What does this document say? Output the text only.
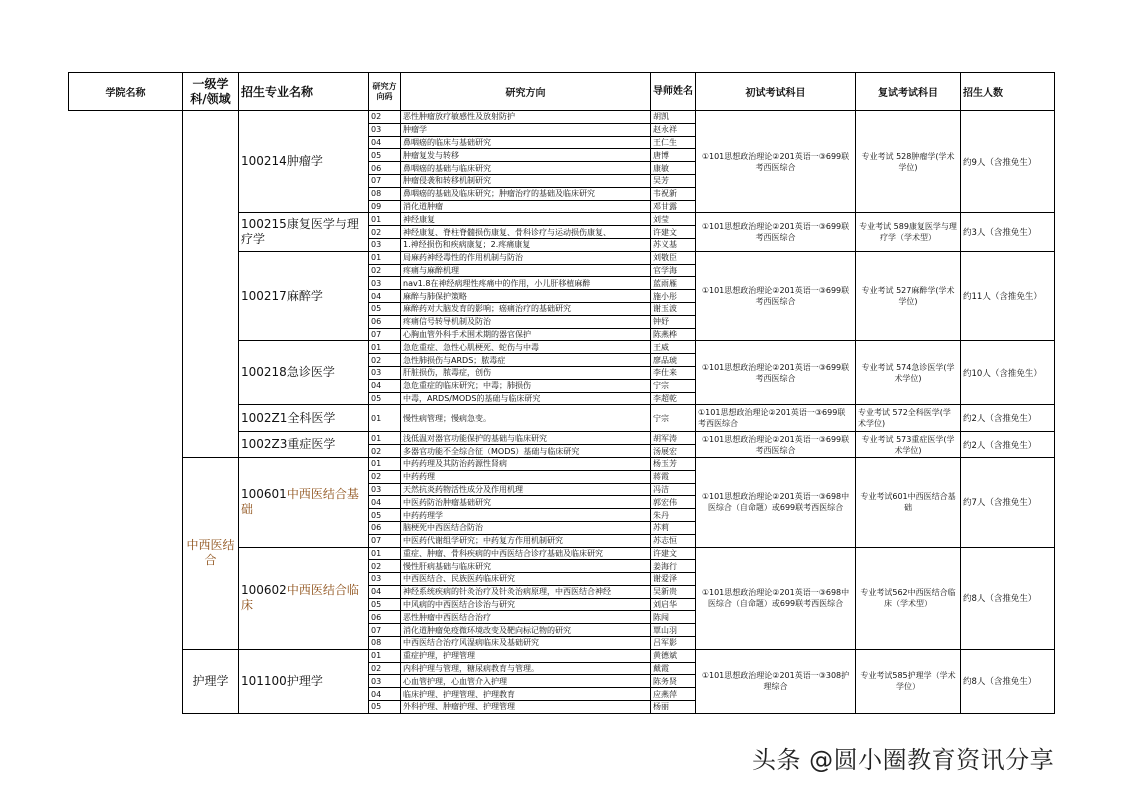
学院名称	一级学科/领域	招生专业名称	研究方向码	研究方向	导师姓名	初试考试科目	复试考试科目	招生人数
		100214肿瘤学	02	恶性肿瘤放疗敏感性及放射防护	胡凯	①101思想政治理论②201英语一③699联考西医综合	专业考试 528肿瘤学(学术学位)	约9人（含推免生）
			03	肿瘤学	赵永祥			
			04	鼻咽癌的临床与基础研究	王仁生			
			05	肿瘤复发与转移	唐博			
			06	鼻咽癌的基础与临床研究	康敏			
			07	肿瘤侵袭和转移机制研究	吴芳			
			08	鼻咽癌的基础及临床研究；肿瘤治疗的基础及临床研究	韦祝新			
			09	消化道肿瘤	邓甘露			
		100215康复医学与理疗学	01	神经康复	刘莹	①101思想政治理论②201英语一③699联考西医综合	专业考试 589康复医学与理疗学（学术型）	约3人（含推免生）
			02	神经康复、脊柱脊髓损伤康复、骨科诊疗与运动损伤康复、	许建文			
			03	1.神经损伤和疾病康复；2.疼痛康复	苏义基			
		100217麻醉学	01	局麻药神经毒性的作用机制与防治	刘敬臣	①101思想政治理论②201英语一③699联考西医综合	专业考试 527麻醉学(学术学位)	约11人（含推免生）
			02	疼痛与麻醉机理	官学海			
			03	nav1.8在神经病理性疼痛中的作用，小儿肝移植麻醉	蓝雨雁			
			04	麻醉与肺保护策略	施小彤			
			05	麻醉药对大脑发育的影响；癌痛治疗的基础研究	谢玉波			
			06	疼痛信号转导机制及防治	钟妤			
			07	心胸血管外科手术围术期的器官保护	陈燕桦			
		100218急诊医学	01	急危重症、急性心肌梗死、蛇伤与中毒	王威	①101思想政治理论②201英语一③699联考西医综合	专业考试 574急诊医学(学术学位)	约10人（含推免生）
			02	急性肺损伤与ARDS；脓毒症	廖品琥			
			03	肝脏损伤，脓毒症，创伤	李仕来			
			04	急危重症的临床研究；中毒；肺损伤	宁宗			
			05	中毒，ARDS/MODS的基础与临床研究	李超乾			
		1002Z1全科医学	01	慢性病管理；慢病急变。	宁宗	①101思想政治理论②201英语一③699联考西医综合	专业考试 572全科医学(学术学位)	约2人（含推免生）
		1002Z3重症医学	01	浅低温对器官功能保护的基础与临床研究	胡军涛	①101思想政治理论②201英语一③699联考西医综合	专业考试 573重症医学(学术学位)	约2人（含推免生）
			02	多器官功能不全综合征（MODS）基础与临床研究	汤展宏			
	中西医结合	100601中西医结合基础	01	中药药理及其防治药源性肾病	杨玉芳	①101思想政治理论②201英语一③698中医综合（自命题）或699联考西医综合	专业考试601中西医结合基础	约7人（含推免生）
			02	中药药理	蒋霞			
			03	天然抗炎药物活性成分及作用机理	冯洁			
			04	中医药防治肿瘤基础研究	郭宏伟			
			05	中药药理学	朱丹			
			06	脑梗死中西医结合防治	苏莉			
			07	中医药代谢组学研究；中药复方作用机制研究	苏志恒			
		100602中西医结合临床	01	重症、肿瘤、骨科疾病的中西医结合诊疗基础及临床研究	许建文	①101思想政治理论②201英语一③698中医综合（自命题）或699联考西医综合	专业考试562中西医结合临床（学术型）	约8人（含推免生）
			02	慢性肝病基础与临床研究	姜海行			
			03	中西医结合、民族医药临床研究	谢爱泽			
			04	神经系统疾病的针灸治疗及针灸治病原理，中西医结合神经	吴新贵			
			05	中风病的中西医结合诊治与研究	刘启华			
			06	恶性肿瘤中西医结合治疗	陈闯			
			07	消化道肿瘤免疫微环境改变及靶向标记物的研究	覃山羽			
			08	中西医结合治疗风湿病临床及基础研究	吕军影			
	护理学	101100护理学	01	重症护理，护理管理	黄德斌	①101思想政治理论②201英语一③308护理综合	专业考试585护理学（学术学位）	约8人（含推免生）
			02	内科护理与管理，糖尿病教育与管理。	戴霞			
			03	心血管护理，心血管介入护理	陈务贤			
			04	临床护理、护理管理、护理教育	应燕萍			
			05	外科护理、肿瘤护理、护理管理	杨丽			
头条 @圆小圈教育资讯分享
